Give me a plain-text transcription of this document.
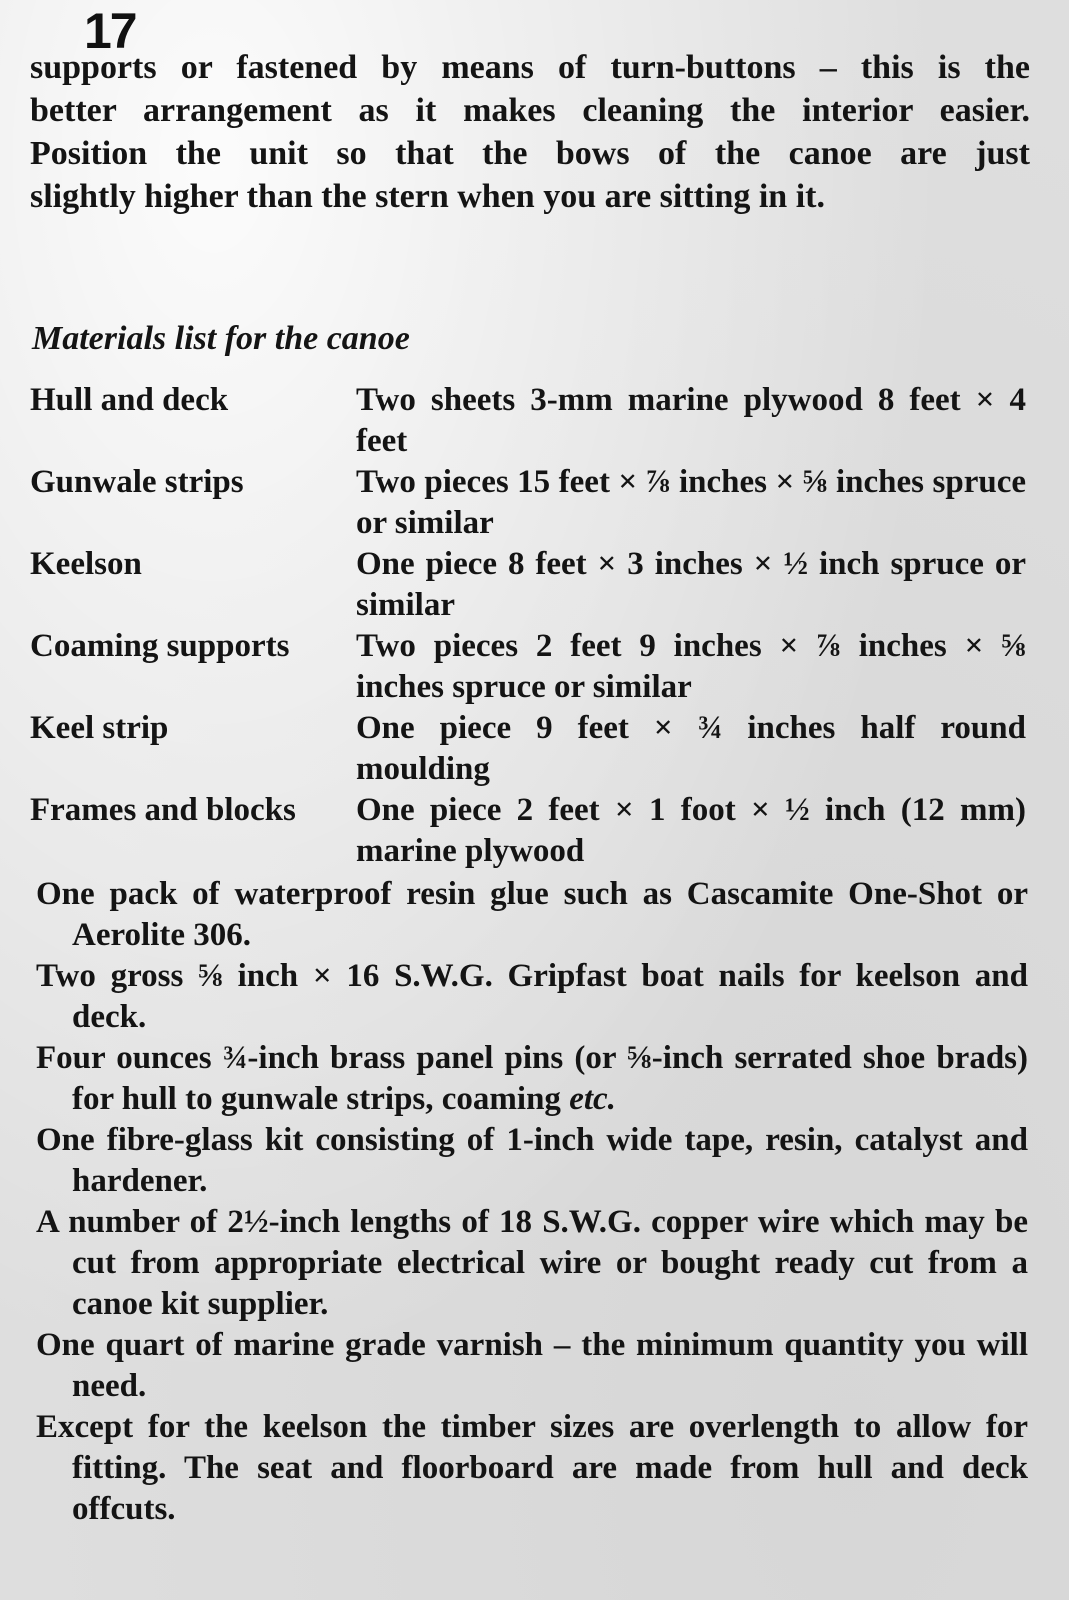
17
supports or fastened by means of turn-buttons – this is the
better arrangement as it makes cleaning the interior easier.
Position the unit so that the bows of the canoe are just
slightly higher than the stern when you are sitting in it.
Materials list for the canoe
Hull and deck	Two sheets 3-mm marine plywood 8 feet × 4 feet
Gunwale strips	Two pieces 15 feet × ⅞ inches × ⅝ inches spruce or similar
Keelson	One piece 8 feet × 3 inches × ½ inch spruce or similar
Coaming supports	Two pieces 2 feet 9 inches × ⅞ inches × ⅝ inches spruce or similar
Keel strip	One piece 9 feet × ¾ inches half round moulding
Frames and blocks	One piece 2 feet × 1 foot × ½ inch (12 mm) marine plywood
One pack of waterproof resin glue such as Cascamite One-Shot or Aerolite 306.
Two gross ⅝ inch × 16 S.W.G. Gripfast boat nails for keelson and deck.
Four ounces ¾-inch brass panel pins (or ⅝-inch serrated shoe brads) for hull to gunwale strips, coaming etc.
One fibre-glass kit consisting of 1-inch wide tape, resin, catalyst and hardener.
A number of 2½-inch lengths of 18 S.W.G. copper wire which may be cut from appropriate electrical wire or bought ready cut from a canoe kit supplier.
One quart of marine grade varnish – the minimum quantity you will need.
Except for the keelson the timber sizes are overlength to allow for fitting. The seat and floorboard are made from hull and deck offcuts.
